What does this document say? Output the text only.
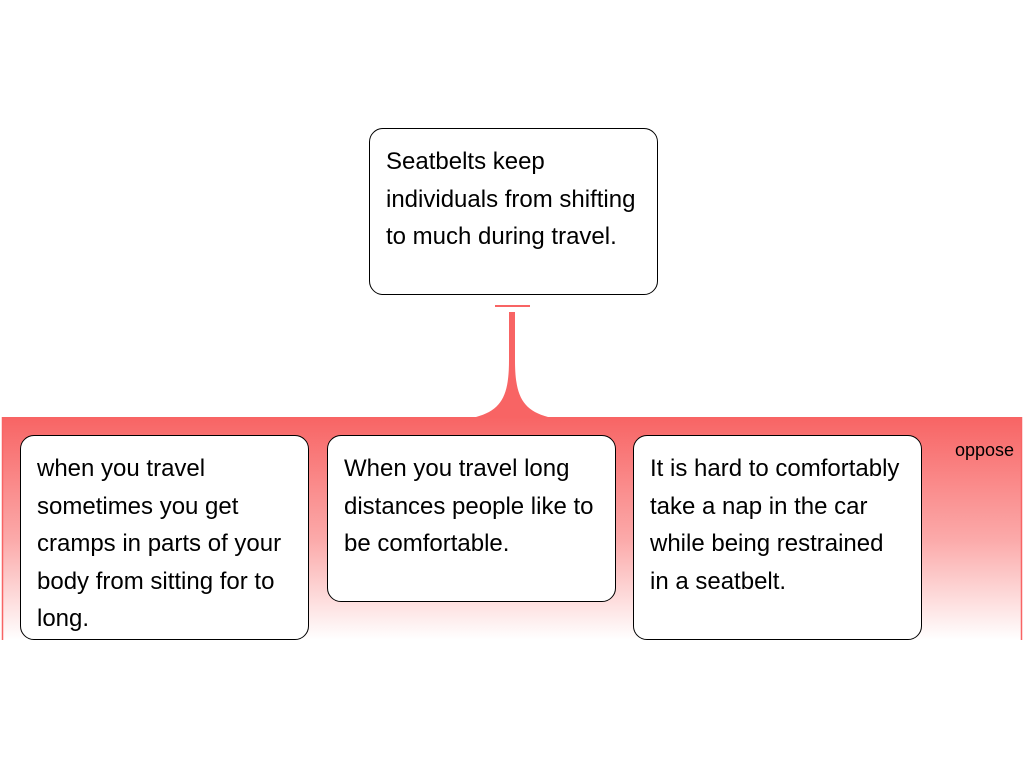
Seatbelts keep individuals from shifting to much during travel.
oppose
when you travel sometimes you get cramps in parts of your body from sitting for to long.
When you travel long distances people like to be comfortable.
It is hard to comfortably take a nap in the car while being restrained in a seatbelt.
